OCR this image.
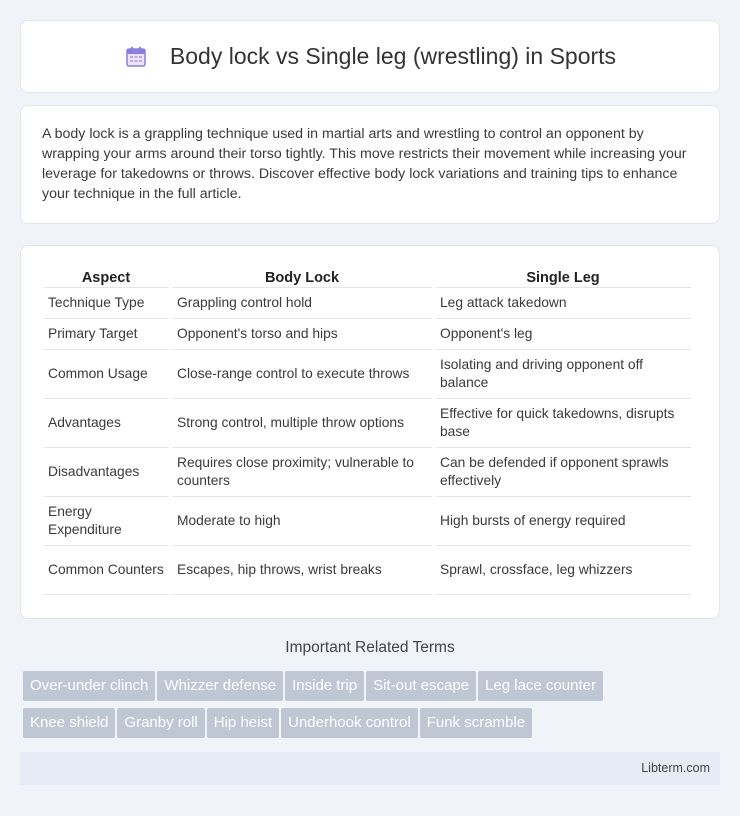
Body lock vs Single leg (wrestling) in Sports

A body lock is a grappling technique used in martial arts and wrestling to control an opponent by wrapping your arms around their torso tightly. This move restricts their movement while increasing your leverage for takedowns or throws. Discover effective body lock variations and training tips to enhance your technique in the full article.

Aspect	Body Lock	Single Leg
Technique Type	Grappling control hold	Leg attack takedown
Primary Target	Opponent's torso and hips	Opponent's leg
Common Usage	Close-range control to execute throws	Isolating and driving opponent off balance
Advantages	Strong control, multiple throw options	Effective for quick takedowns, disrupts base
Disadvantages	Requires close proximity; vulnerable to counters	Can be defended if opponent sprawls effectively
Energy Expenditure	Moderate to high	High bursts of energy required
Common Counters	Escapes, hip throws, wrist breaks	Sprawl, crossface, leg whizzers
Important Related Terms
Over-under clinch Whizzer defense Inside trip Sit-out escape Leg lace counter
Knee shield Granby roll Hip heist Underhook control Funk scramble
Libterm.com
